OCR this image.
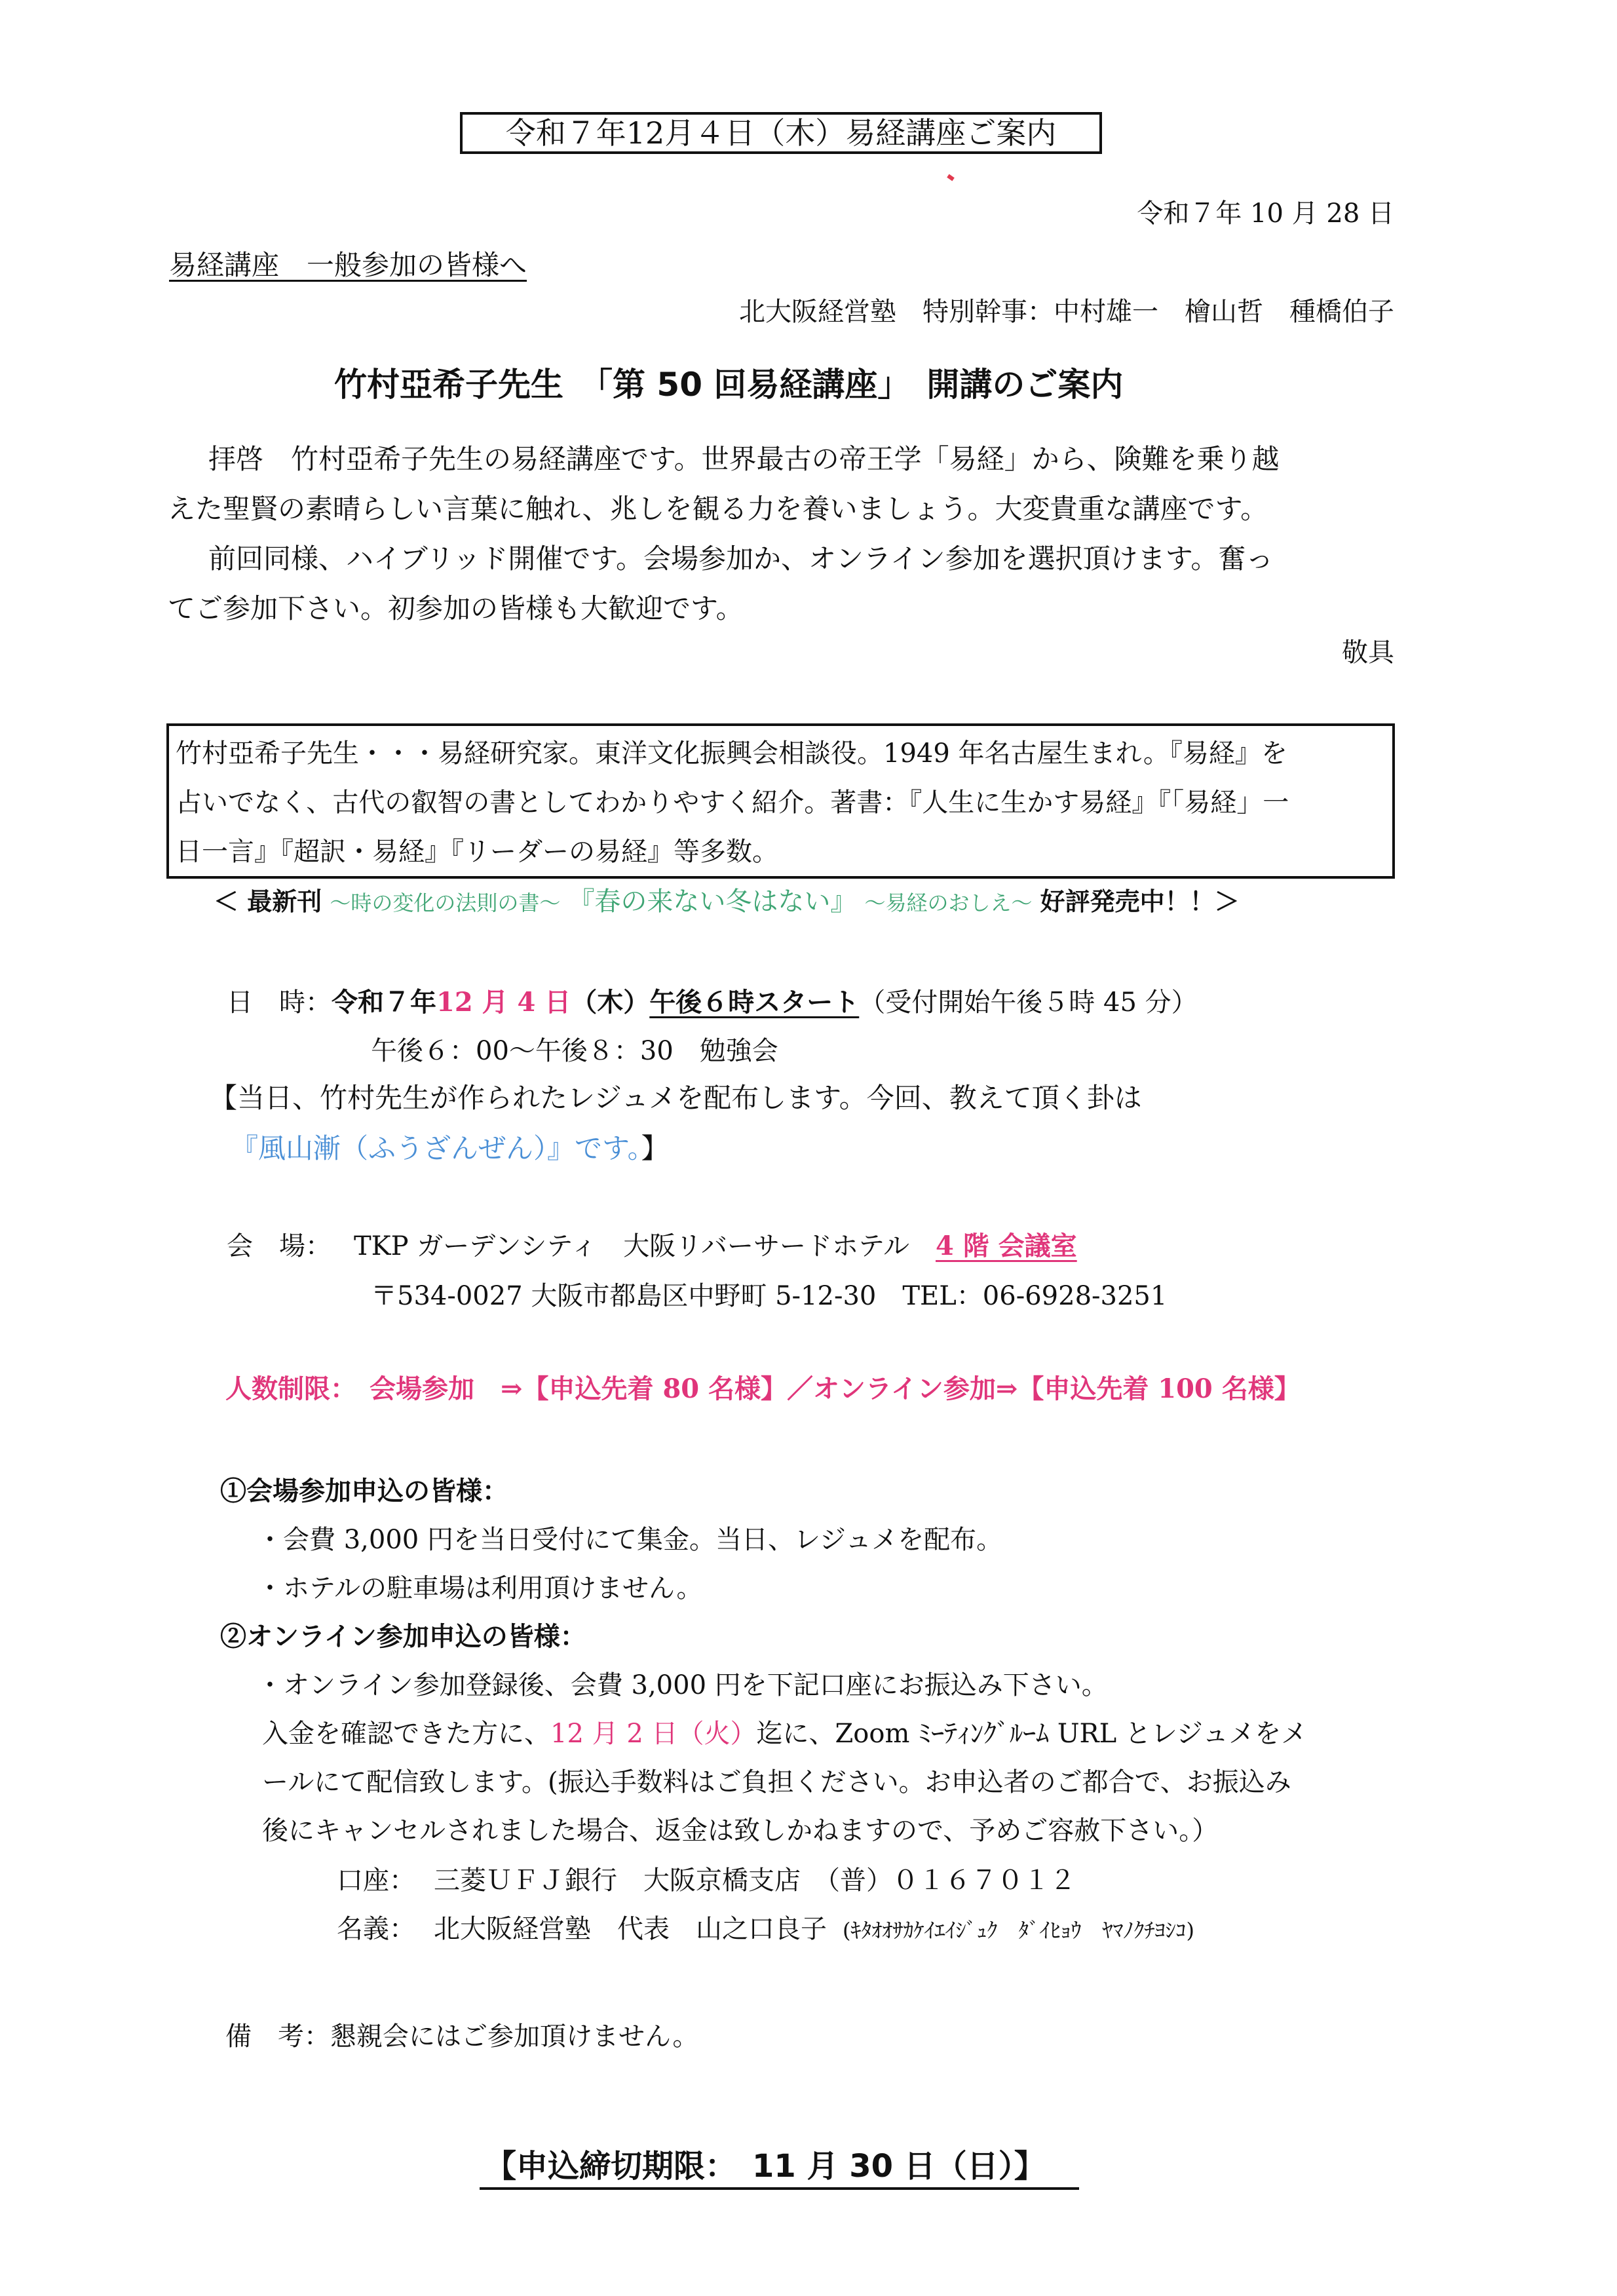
令和７年12月４日（木）易経講座ご案内
令和７年 10 月 28 日
易経講座　一般参加の皆様へ
北大阪経営塾　特別幹事：中村雄一　檜山哲　種橋伯子
竹村亞希子先生　「第 50 回易経講座」　開講のご案内
拝啓　竹村亞希子先生の易経講座です。世界最古の帝王学「易経」から、険難を乗り越
えた聖賢の素晴らしい言葉に触れ、兆しを観る力を養いましょう。大変貴重な講座です。
前回同様、ハイブリッド開催です。会場参加か、オンライン参加を選択頂けます。奮っ
てご参加下さい。初参加の皆様も大歓迎です。
敬具
竹村亞希子先生・・・易経研究家。東洋文化振興会相談役。1949 年名古屋生まれ。『易経』を
占いでなく、古代の叡智の書としてわかりやすく紹介。著書：『人生に生かす易経』『「易経」一
日一言』『超訳・易経』『リーダーの易経』等多数。
＜ 最新刊 ～時の変化の法則の書～ 『春の来ない冬はない』 ～易経のおしえ～ 好評発売中！！＞
日　時：令和７年12 月 4 日（木）午後６時スタート（受付開始午後５時 45 分）
午後６：00～午後８：30　勉強会
【当日、竹村先生が作られたレジュメを配布します。今回、教えて頂く卦は
『風山漸（ふうざんぜん）』です。】
会　場： TKP ガーデンシティ　大阪リバーサードホテル 4 階 会議室
〒534-0027 大阪市都島区中野町 5-12-30　TEL：06-6928-3251
人数制限：　会場参加　⇒【申込先着 80 名様】／オンライン参加⇒【申込先着 100 名様】
①会場参加申込の皆様：
・会費 3,000 円を当日受付にて集金。当日、レジュメを配布。
・ホテルの駐車場は利用頂けません。
②オンライン参加申込の皆様：
・オンライン参加登録後、会費 3,000 円を下記口座にお振込み下さい。
入金を確認できた方に、12 月 2 日（火）迄に、Zoom ﾐｰﾃｨﾝｸﾞﾙｰﾑ URL とレジュメをメ
ールにて配信致します。(振込手数料はご負担ください。お申込者のご都合で、お振込み
後にキャンセルされました場合、返金は致しかねますので、予めご容赦下さい。）
口座： 三菱ＵＦＪ銀行　大阪京橋支店　（普）０１６７０１２
名義： 北大阪経営塾　代表　山之口良子 (ｷﾀｵｵｻｶｹｲｴｲｼﾞｭｸ　ﾀﾞｲﾋｮｳ　ﾔﾏﾉｸﾁﾖｼｺ)
備　考：懇親会にはご参加頂けません。
【申込締切期限：　11 月 30 日（日）】
